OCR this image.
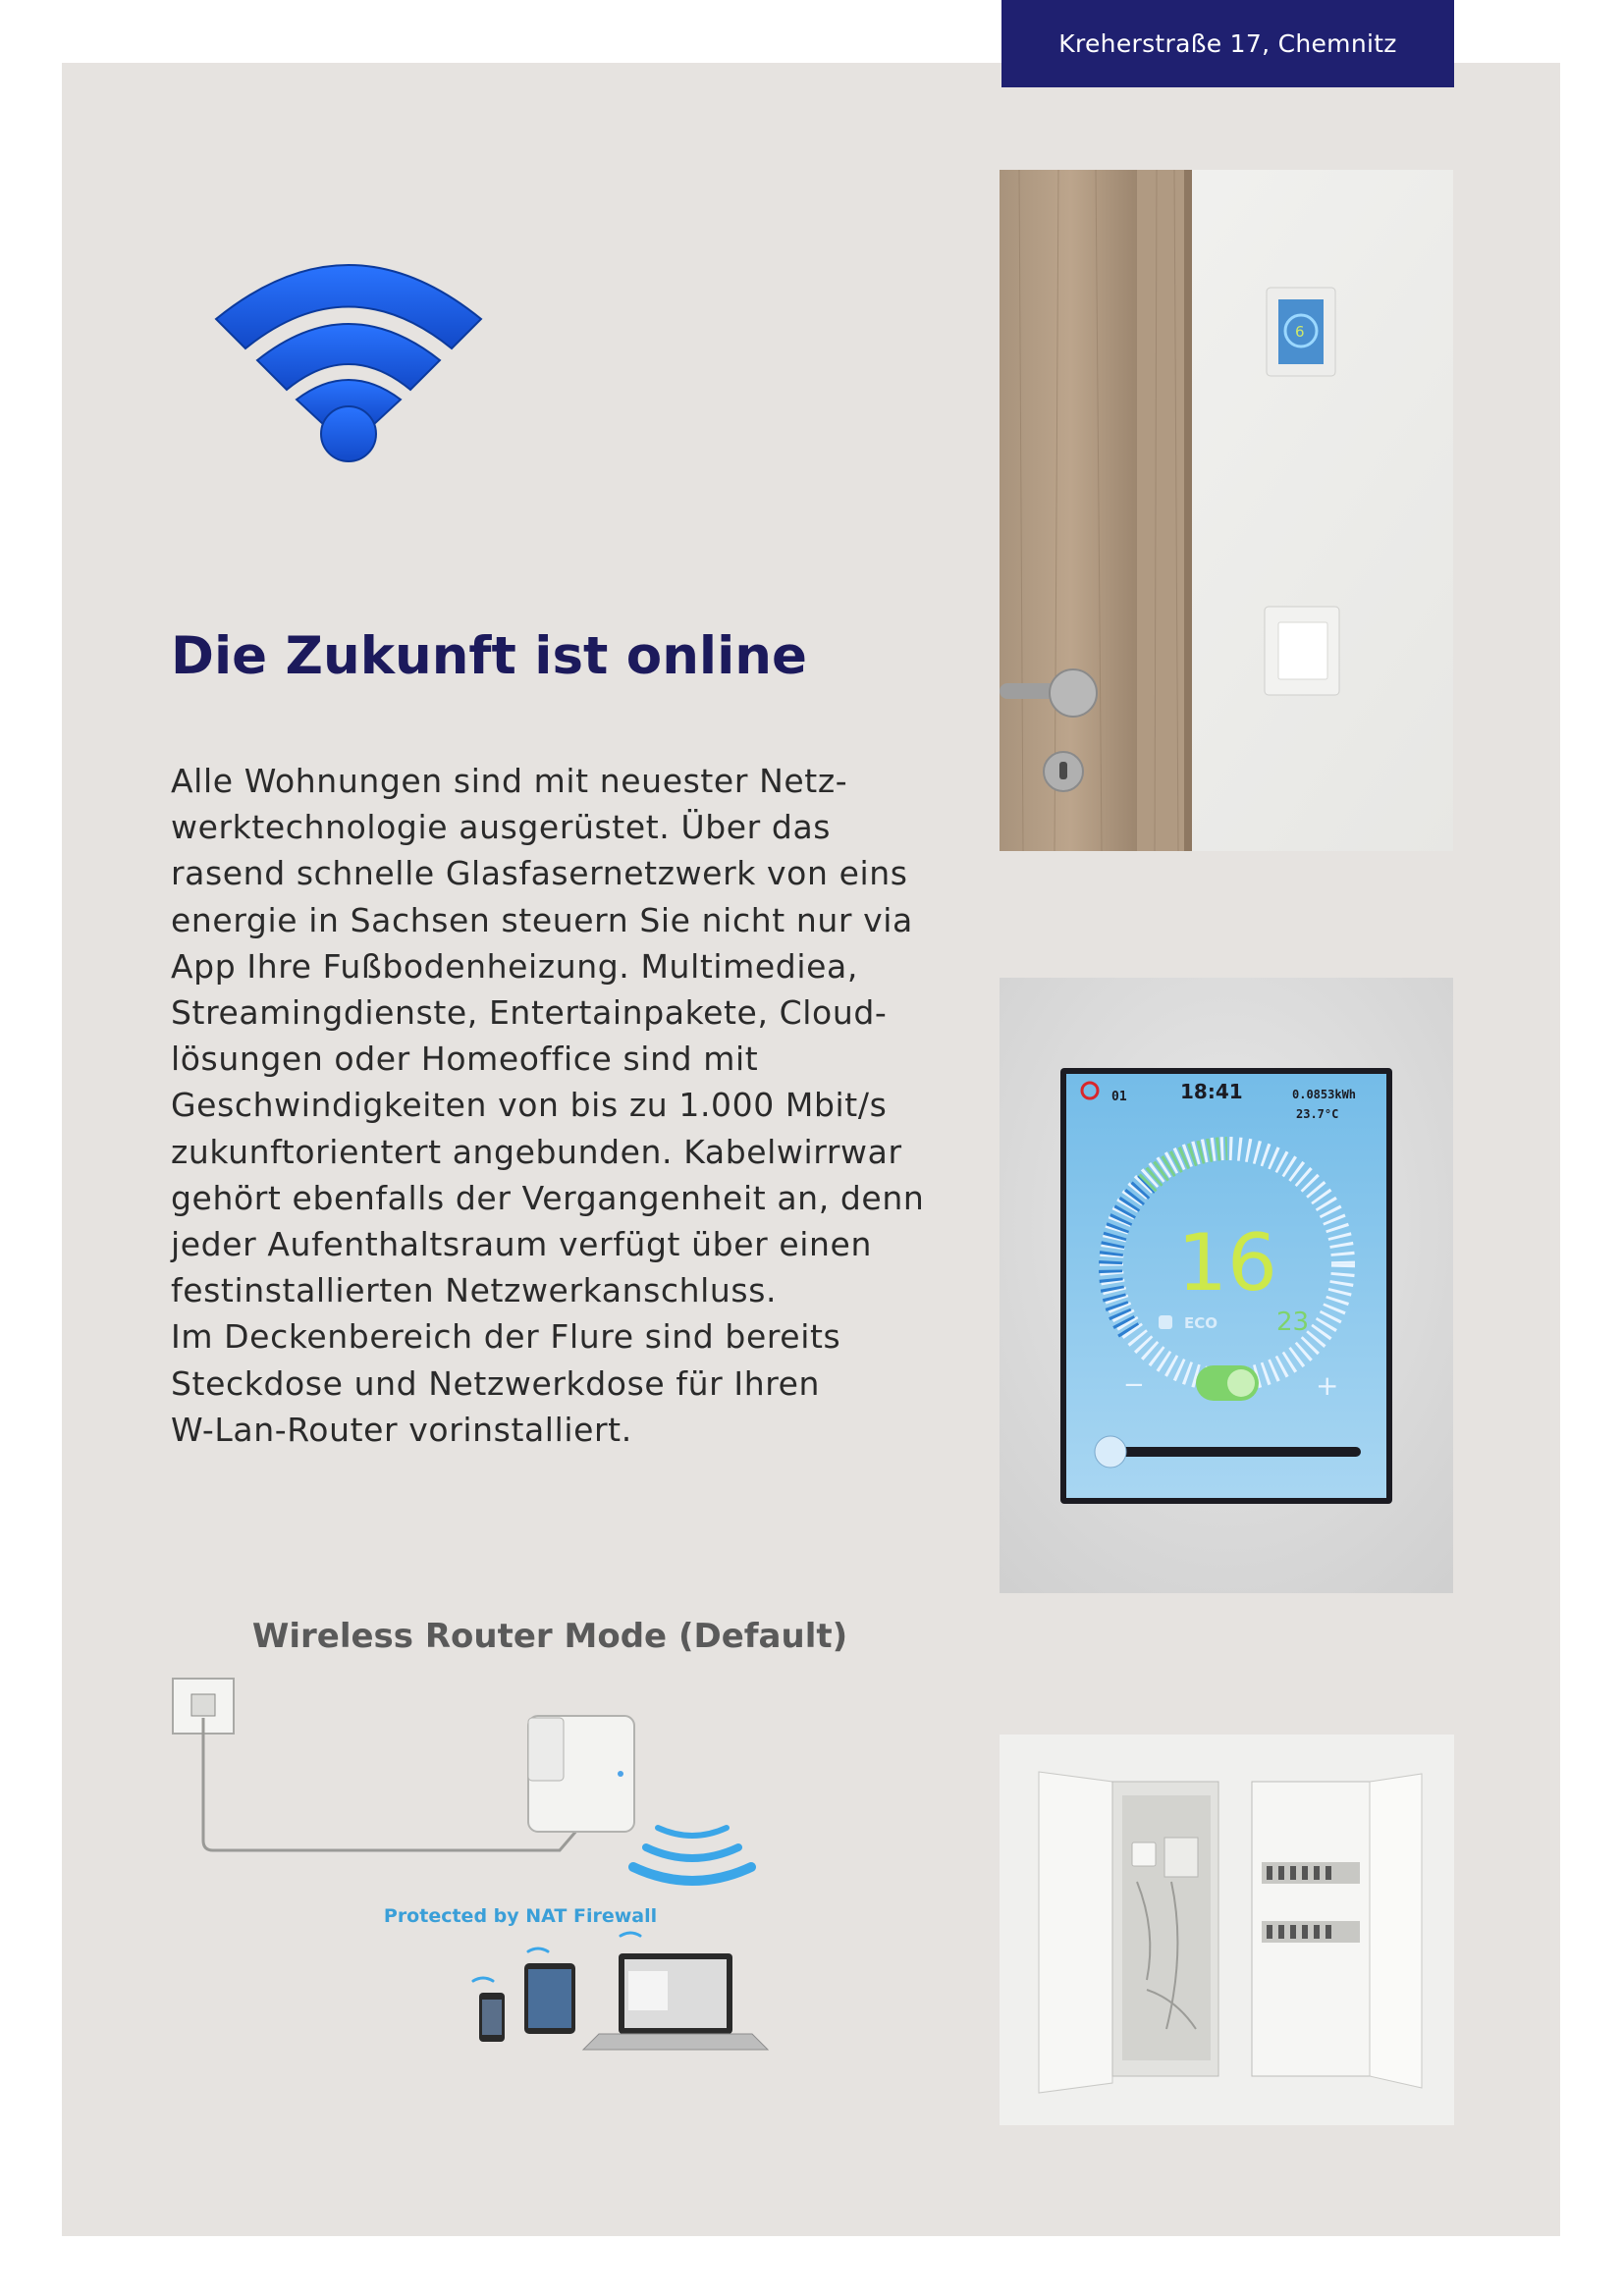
Kreherstraße 17, Chemnitz
Die Zukunft ist online
Alle Wohnungen sind mit neuester Netz-
werktechnologie ausgerüstet. Über das
rasend schnelle Glasfasernetzwerk von eins
energie in Sachsen steuern Sie nicht nur via
App Ihre Fußbodenheizung. Multimediea,
Streamingdienste, Entertainpakete, Cloud-
lösungen oder Homeoffice sind mit
Geschwindigkeiten von bis zu 1.000 Mbit/s
zukunftorientert angebunden. Kabelwirrwar
gehört ebenfalls der Vergangenheit an, denn
jeder Aufenthaltsraum verfügt über einen
festinstallierten Netzwerkanschluss.
Im Deckenbereich der Flure sind bereits
Steckdose und Netzwerkdose für Ihren
W-Lan-Router vorinstalliert.
6
18:41
01	0.0853kWh
23.7°C
16
ECO 23
−	+
Wireless Router Mode (Default)
Protected by NAT Firewall
